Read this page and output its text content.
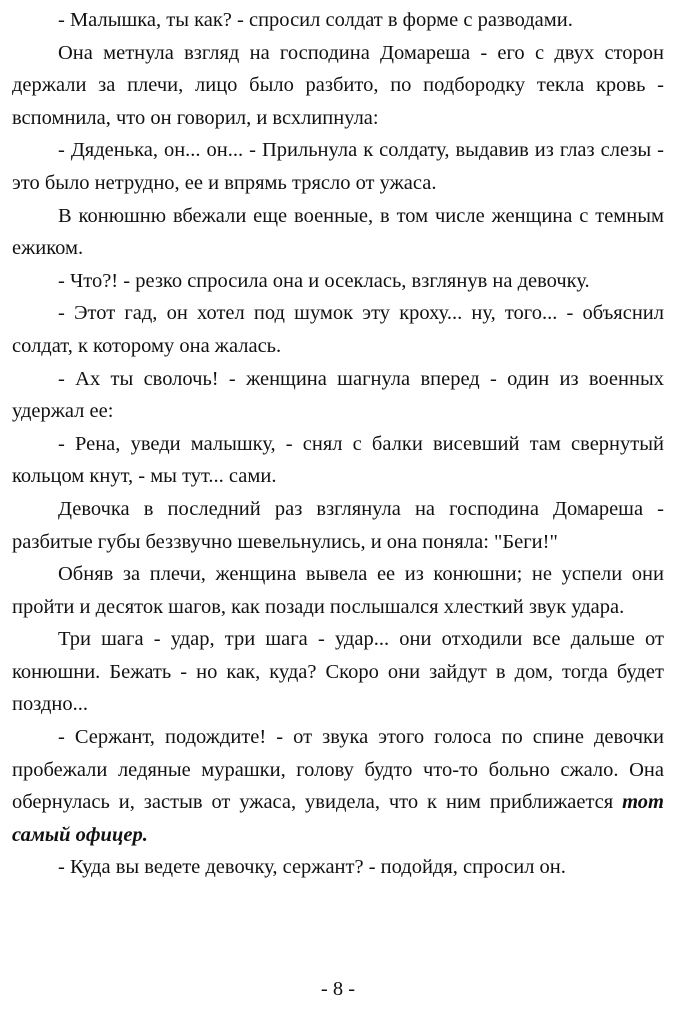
- Малышка, ты как? - спросил солдат в форме с разводами.

Она метнула взгляд на господина Домареша - его с двух сторон держали за плечи, лицо было разбито, по подбородку текла кровь - вспомнила, что он говорил, и всхлипнула:

- Дяденька, он... он... - Прильнула к солдату, выдавив из глаз слезы - это было нетрудно, ее и впрямь трясло от ужаса.

В конюшню вбежали еще военные, в том числе женщина с темным ежиком.

- Что?! - резко спросила она и осеклась, взглянув на девочку.

- Этот гад, он хотел под шумок эту кроху... ну, того... - объяснил солдат, к которому она жалась.

- Ах ты сволочь! - женщина шагнула вперед - один из военных удержал ее:

- Рена, уведи малышку, - снял с балки висевший там свернутый кольцом кнут, - мы тут... сами.

Девочка в последний раз взглянула на господина Домареша - разбитые губы беззвучно шевельнулись, и она поняла: "Беги!"

Обняв за плечи, женщина вывела ее из конюшни; не успели они пройти и десяток шагов, как позади послышался хлесткий звук удара.

Три шага - удар, три шага - удар... они отходили все дальше от конюшни. Бежать - но как, куда? Скоро они зайдут в дом, тогда будет поздно...

- Сержант, подождите! - от звука этого голоса по спине девочки пробежали ледяные мурашки, голову будто что-то больно сжало. Она обернулась и, застыв от ужаса, увидела, что к ним приближается тот самый офицер.

- Куда вы ведете девочку, сержант? - подойдя, спросил он.

- 8 -
